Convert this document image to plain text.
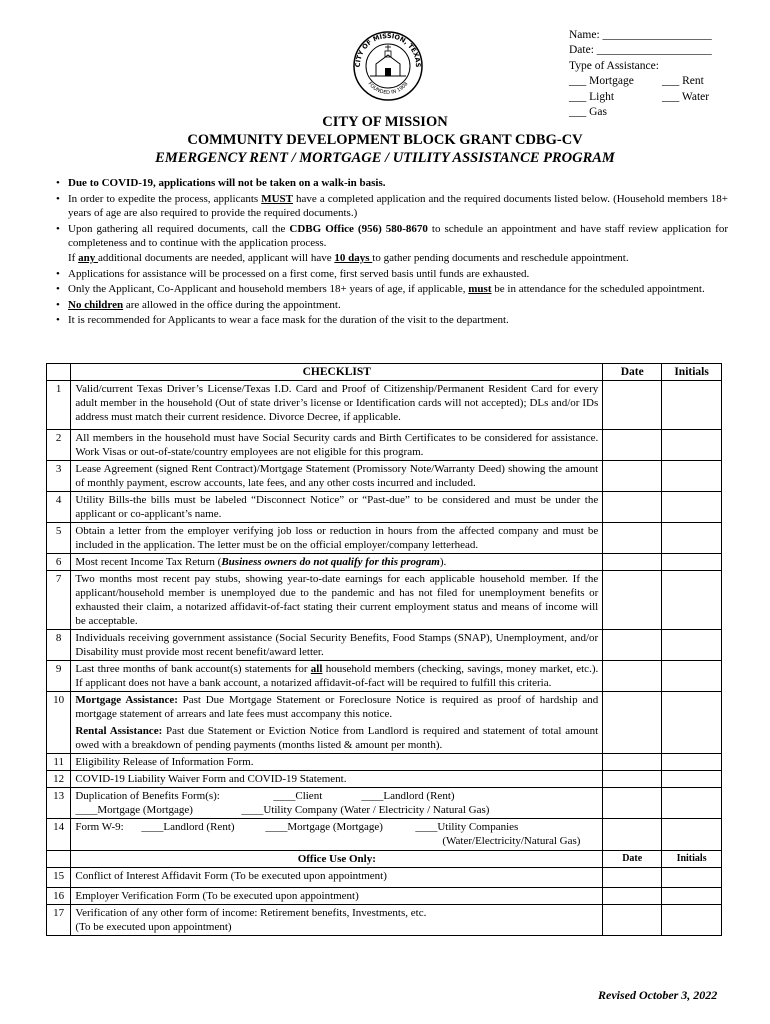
CITY OF MISSION, TEXAS
FOUNDED IN 1908
Name: ___________________
Date: ____________________
Type of Assistance:
___ Mortgage	___ Rent
___ Light	___ Water
___ Gas
CITY OF MISSION
COMMUNITY DEVELOPMENT BLOCK GRANT CDBG-CV
EMERGENCY RENT / MORTGAGE / UTILITY ASSISTANCE PROGRAM
• Due to COVID-19, applications will not be taken on a walk-in basis.
• In order to expedite the process, applicants MUST have a completed application and the required documents listed below. (Household members 18+ years of age are also required to provide the required documents.)
• Upon gathering all required documents, call the CDBG Office (956) 580-8670 to schedule an appointment and have staff review application for completeness and to continue with the application process.
If any additional documents are needed, applicant will have 10 days to gather pending documents and reschedule appointment.
• Applications for assistance will be processed on a first come, first served basis until funds are exhausted.
• Only the Applicant, Co-Applicant and household members 18+ years of age, if applicable, must be in attendance for the scheduled appointment.
• No children are allowed in the office during the appointment.
• It is recommended for Applicants to wear a face mask for the duration of the visit to the department.
	CHECKLIST	Date	Initials
1	Valid/current Texas Driver’s License/Texas I.D. Card and Proof of Citizenship/Permanent Resident Card for every adult member in the household (Out of state driver’s license or Identification cards will not accepted); DLs and/or IDs address must match their current residence. Divorce Decree, if applicable.		
2	All members in the household must have Social Security cards and Birth Certificates to be considered for assistance. Work Visas or out-of-state/country employees are not eligible for this program.		
3	Lease Agreement (signed Rent Contract)/Mortgage Statement (Promissory Note/Warranty Deed) showing the amount of monthly payment, escrow accounts, late fees, and any other costs incurred and included.		
4	Utility Bills-the bills must be labeled “Disconnect Notice” or “Past-due” to be considered and must be under the applicant or co-applicant’s name.		
5	Obtain a letter from the employer verifying job loss or reduction in hours from the affected company and must be included in the application. The letter must be on the official employer/company letterhead.		
6	Most recent Income Tax Return (Business owners do not qualify for this program).		
7	Two months most recent pay stubs, showing year-to-date earnings for each applicable household member. If the applicant/household member is unemployed due to the pandemic and has not filed for unemployment benefits or exhausted their claim, a notarized affidavit-of-fact stating their current employment status and means of income will be acceptable.		
8	Individuals receiving government assistance (Social Security Benefits, Food Stamps (SNAP), Unemployment, and/or Disability must provide most recent benefit/award letter.		
9	Last three months of bank account(s) statements for all household members (checking, savings, money market, etc.). If applicant does not have a bank account, a notarized affidavit-of-fact will be required to fulfill this criteria.		
10	Mortgage Assistance: Past Due Mortgage Statement or Foreclosure Notice is required as proof of hardship and mortgage statement of arrears and late fees must accompany this notice.
Rental Assistance: Past due Statement or Eviction Notice from Landlord is required and statement of total amount owed with a breakdown of pending payments (months listed & amount per month).		

11	Eligibility Release of Information Form.		
12	COVID-19 Liability Waiver Form and COVID-19 Statement.		
13	Duplication of Benefits Form(s): ____Client ____Landlord (Rent)
____Mortgage (Mortgage) ____Utility Company (Water / Electricity / Natural Gas)		

14	Form W-9: ____Landlord (Rent) ____Mortgage (Mortgage) ____Utility Companies
(Water/Electricity/Natural Gas)		

	Office Use Only:	Date	Initials
15	Conflict of Interest Affidavit Form (To be executed upon appointment)		
16	Employer Verification Form (To be executed upon appointment)		
17	Verification of any other form of income: Retirement benefits, Investments, etc.
(To be executed upon appointment)		

Revised October 3, 2022
